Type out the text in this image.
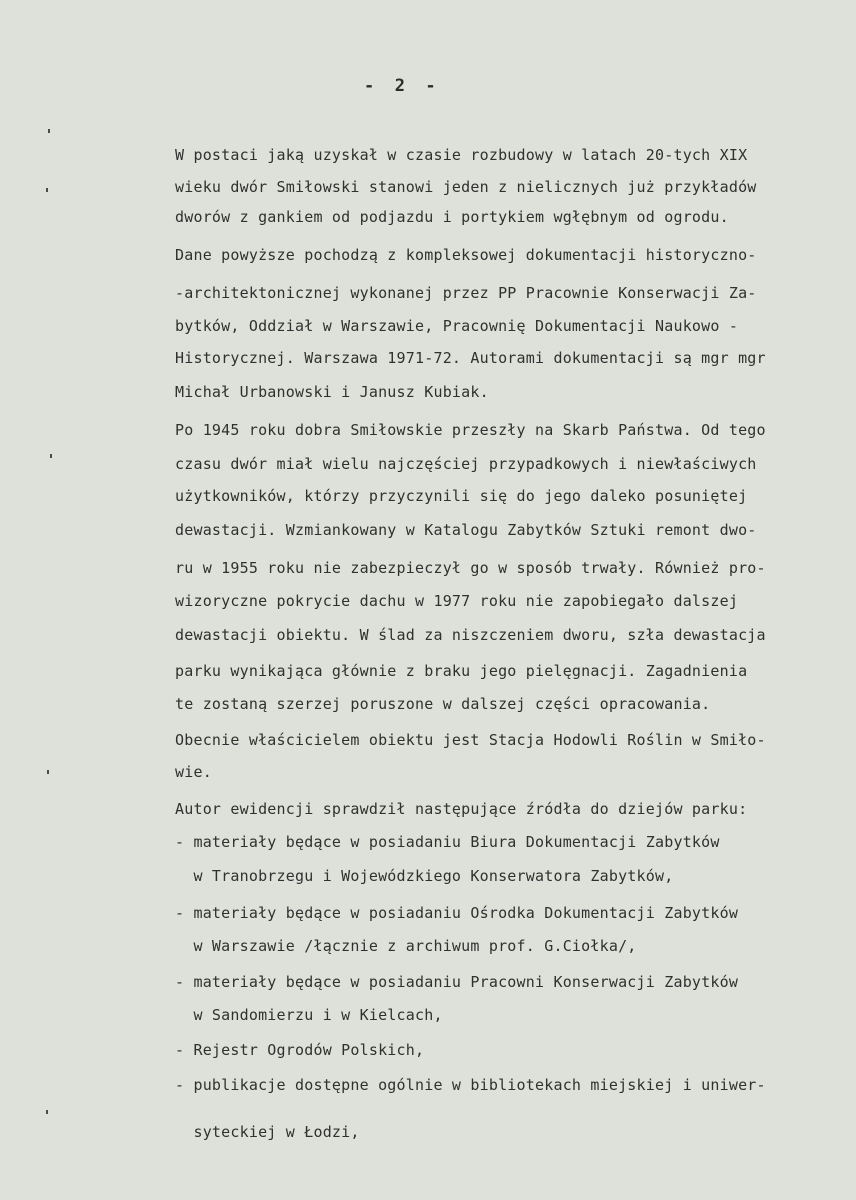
-  2  -
W postaci jaką uzyskał w czasie rozbudowy w latach 20-tych XIX
wieku dwór Smiłowski stanowi jeden z nielicznych już przykładów
dworów z gankiem od podjazdu i portykiem wgłębnym od ogrodu.
Dane powyższe pochodzą z kompleksowej dokumentacji historyczno-
-architektonicznej wykonanej przez PP Pracownie Konserwacji Za-
bytków, Oddział w Warszawie, Pracownię Dokumentacji Naukowo -
Historycznej. Warszawa 1971-72. Autorami dokumentacji są mgr mgr
Michał Urbanowski i Janusz Kubiak.
Po 1945 roku dobra Smiłowskie przeszły na Skarb Państwa. Od tego
czasu dwór miał wielu najczęściej przypadkowych i niewłaściwych
użytkowników, którzy przyczynili się do jego daleko posuniętej
dewastacji. Wzmiankowany w Katalogu Zabytków Sztuki remont dwo-
ru w 1955 roku nie zabezpieczył go w sposób trwały. Również pro-
wizoryczne pokrycie dachu w 1977 roku nie zapobiegało dalszej
dewastacji obiektu. W ślad za niszczeniem dworu, szła dewastacja
parku wynikająca głównie z braku jego pielęgnacji. Zagadnienia
te zostaną szerzej poruszone w dalszej części opracowania.
Obecnie właścicielem obiektu jest Stacja Hodowli Roślin w Smiło-
wie.
Autor ewidencji sprawdził następujące źródła do dziejów parku:
- materiały będące w posiadaniu Biura Dokumentacji Zabytków
w Tranobrzegu i Wojewódzkiego Konserwatora Zabytków,
- materiały będące w posiadaniu Ośrodka Dokumentacji Zabytków
w Warszawie /łącznie z archiwum prof. G.Ciołka/,
- materiały będące w posiadaniu Pracowni Konserwacji Zabytków
w Sandomierzu i w Kielcach,
- Rejestr Ogrodów Polskich,
- publikacje dostępne ogólnie w bibliotekach miejskiej i uniwer-
syteckiej w Łodzi,
